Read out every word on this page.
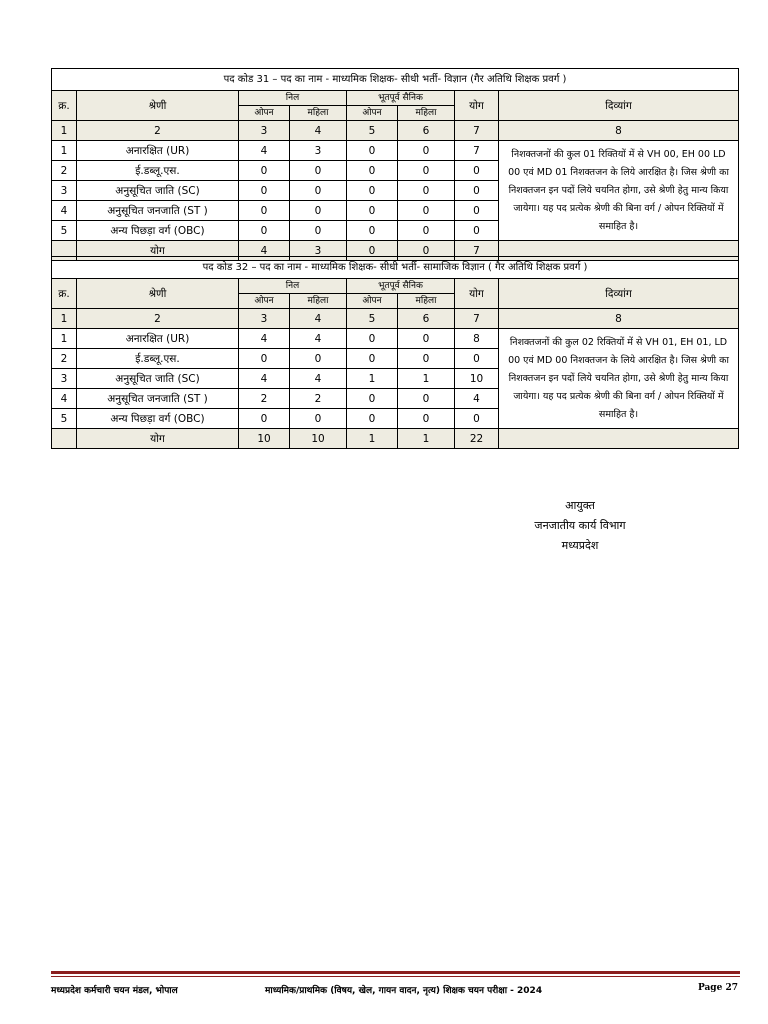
पद कोड 31 – पद का नाम - माध्यमिक शिक्षक- सीधी भर्ती- विज्ञान (गैर अतिथि शिक्षक प्रवर्ग )							
क्र.	श्रेणी	निल		भूतपूर्व सैनिक		योग	दिव्यांग
		ओपन	महिला	ओपन	महिला		
1	2	3	4	5	6	7	8
1	अनारक्षित (UR)	4	3	0	0	7	निशक्तजनों की कुल 01 रिक्तियों में से VH 00, EH 00 LD 00 एवं MD 01 निशक्तजन के लिये आरक्षित है। जिस श्रेणी का निशक्तजन इन पदों लिये चयनित होगा, उसे श्रेणी हेतु मान्य किया जायेगा। यह पद प्रत्येक श्रेणी की बिना वर्ग / ओपन रिक्तियों में समाहित है।
2	ई.डब्लू.एस.	0	0	0	0	0	
3	अनुसूचित जाति (SC)	0	0	0	0	0	
4	अनुसूचित जनजाति (ST )	0	0	0	0	0	
5	अन्य पिछड़ा वर्ग (OBC)	0	0	0	0	0	
	योग	4	3	0	0	7	
पद कोड 32 – पद का नाम - माध्यमिक शिक्षक- सीधी भर्ती- सामाजिक विज्ञान ( गैर अतिथि शिक्षक प्रवर्ग )							
क्र.	श्रेणी	निल		भूतपूर्व सैनिक		योग	दिव्यांग
		ओपन	महिला	ओपन	महिला		
1	2	3	4	5	6	7	8
1	अनारक्षित (UR)	4	4	0	0	8	निशक्तजनों की कुल 02 रिक्तियों में से VH 01, EH 01, LD 00 एवं MD 00 निशक्तजन के लिये आरक्षित है। जिस श्रेणी का निशक्तजन इन पदों लिये चयनित होगा, उसे श्रेणी हेतु मान्य किया जायेगा। यह पद प्रत्येक श्रेणी की बिना वर्ग / ओपन रिक्तियों में समाहित है।
2	ई.डब्लू.एस.	0	0	0	0	0	
3	अनुसूचित जाति (SC)	4	4	1	1	10	
4	अनुसूचित जनजाति (ST )	2	2	0	0	4	
5	अन्य पिछड़ा वर्ग (OBC)	0	0	0	0	0	
	योग	10	10	1	1	22	
आयुक्त
जनजातीय कार्य विभाग
मध्यप्रदेश
मध्यप्रदेश कर्मचारी चयन मंडल, भोपाल	माध्यमिक/प्राथमिक (विषय, खेल, गायन वादन, नृत्य) शिक्षक चयन परीक्षा - 2024	Page 27
